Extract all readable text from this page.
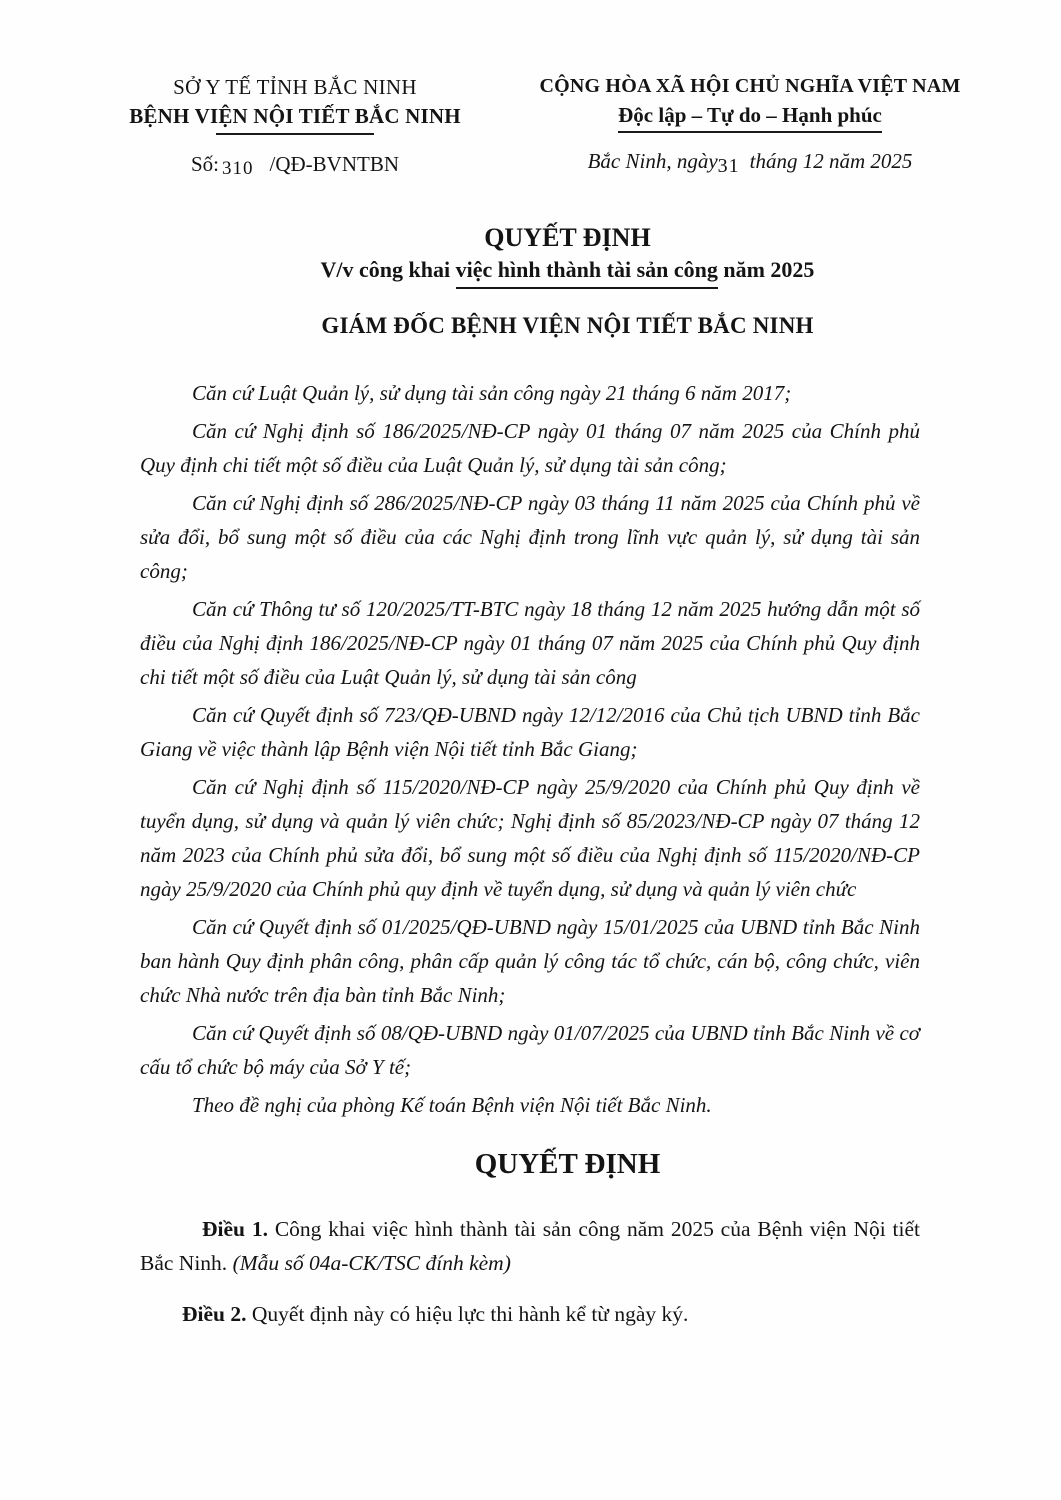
SỞ Y TẾ TỈNH BẮC NINH
BỆNH VIỆN NỘI TIẾT BẮC NINH
Số: 310 /QĐ-BVNTBN
CỘNG HÒA XÃ HỘI CHỦ NGHĨA VIỆT NAM
Độc lập – Tự do – Hạnh phúc
Bắc Ninh, ngày31 tháng 12 năm 2025
QUYẾT ĐỊNH
V/v công khai việc hình thành tài sản công năm 2025
GIÁM ĐỐC BỆNH VIỆN NỘI TIẾT BẮC NINH

Căn cứ Luật Quản lý, sử dụng tài sản công ngày 21 tháng 6 năm 2017;

Căn cứ Nghị định số 186/2025/NĐ-CP ngày 01 tháng 07 năm 2025 của Chính phủ Quy định chi tiết một số điều của Luật Quản lý, sử dụng tài sản công;

Căn cứ Nghị định số 286/2025/NĐ-CP ngày 03 tháng 11 năm 2025 của Chính phủ về sửa đổi, bổ sung một số điều của các Nghị định trong lĩnh vực quản lý, sử dụng tài sản công;

Căn cứ Thông tư số 120/2025/TT-BTC ngày 18 tháng 12 năm 2025 hướng dẫn một số điều của Nghị định 186/2025/NĐ-CP ngày 01 tháng 07 năm 2025 của Chính phủ Quy định chi tiết một số điều của Luật Quản lý, sử dụng tài sản công

Căn cứ Quyết định số 723/QĐ-UBND ngày 12/12/2016 của Chủ tịch UBND tỉnh Bắc Giang về việc thành lập Bệnh viện Nội tiết tỉnh Bắc Giang;

Căn cứ Nghị định số 115/2020/NĐ-CP ngày 25/9/2020 của Chính phủ Quy định về tuyển dụng, sử dụng và quản lý viên chức; Nghị định số 85/2023/NĐ-CP ngày 07 tháng 12 năm 2023 của Chính phủ sửa đổi, bổ sung một số điều của Nghị định số 115/2020/NĐ-CP ngày 25/9/2020 của Chính phủ quy định về tuyển dụng, sử dụng và quản lý viên chức

Căn cứ Quyết định số 01/2025/QĐ-UBND ngày 15/01/2025 của UBND tỉnh Bắc Ninh ban hành Quy định phân công, phân cấp quản lý công tác tổ chức, cán bộ, công chức, viên chức Nhà nước trên địa bàn tỉnh Bắc Ninh;

Căn cứ Quyết định số 08/QĐ-UBND ngày 01/07/2025 của UBND tỉnh Bắc Ninh về cơ cấu tổ chức bộ máy của Sở Y tế;

Theo đề nghị của phòng Kế toán Bệnh viện Nội tiết Bắc Ninh.

QUYẾT ĐỊNH

Điều 1. Công khai việc hình thành tài sản công năm 2025 của Bệnh viện Nội tiết Bắc Ninh. (Mẫu số 04a-CK/TSC đính kèm)

Điều 2. Quyết định này có hiệu lực thi hành kể từ ngày ký.
